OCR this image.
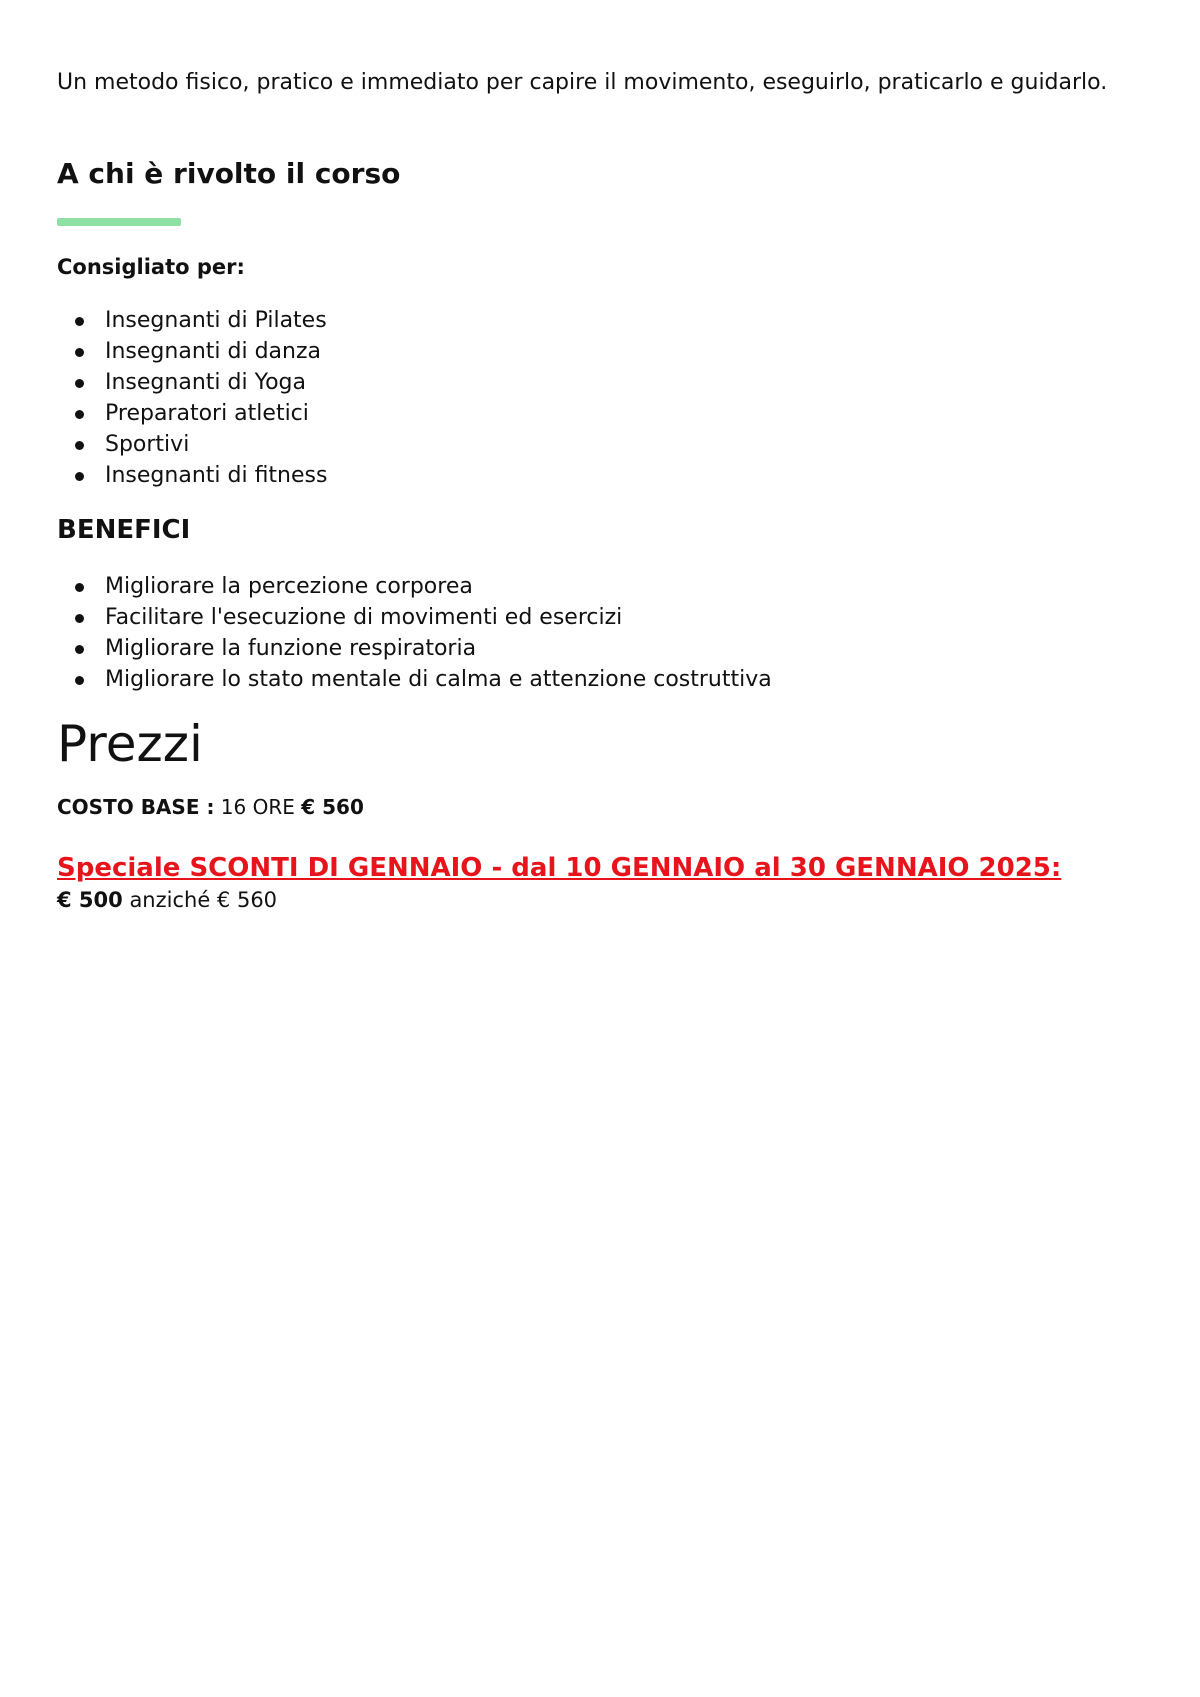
Un metodo fisico, pratico e immediato per capire il movimento, eseguirlo, praticarlo e guidarlo.

A chi è rivolto il corso

Consigliato per:

Insegnanti di Pilates
Insegnanti di danza
Insegnanti di Yoga
Preparatori atletici
Sportivi
Insegnanti di fitness
BENEFICI
Migliorare la percezione corporea
Facilitare l'esecuzione di movimenti ed esercizi
Migliorare la funzione respiratoria
Migliorare lo stato mentale di calma e attenzione costruttiva
Prezzi

COSTO BASE : 16 ORE € 560

Speciale SCONTI DI GENNAIO - dal 10 GENNAIO al 30 GENNAIO 2025:

€ 500 anziché € 560
